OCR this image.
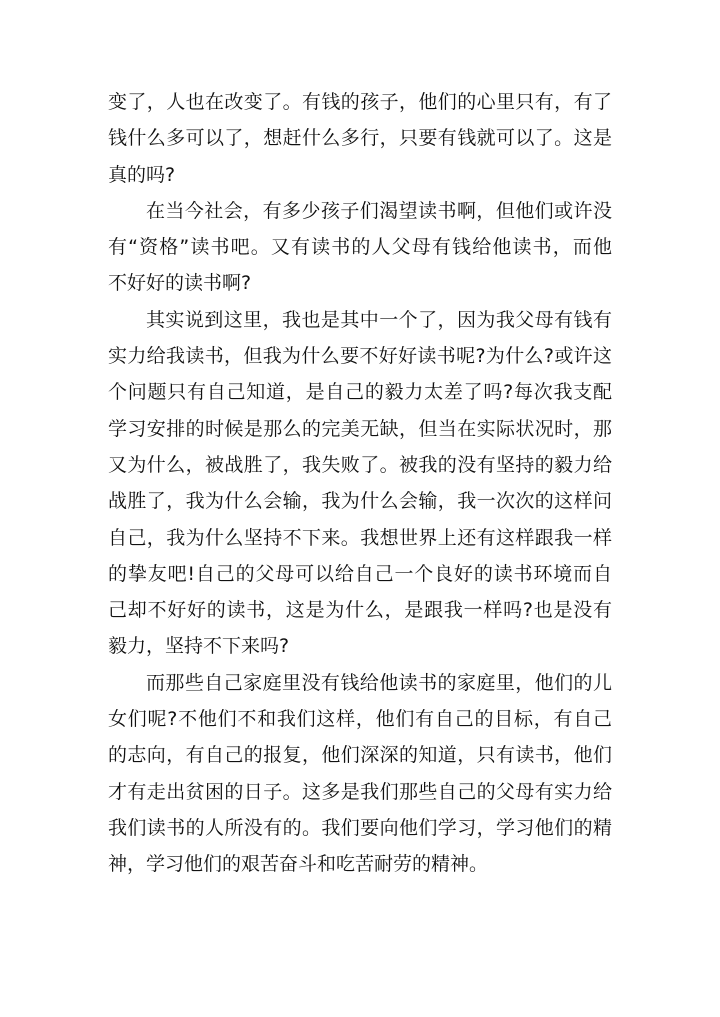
变了，人也在改变了。有钱的孩子，他们的心里只有，有了
钱什么多可以了，想赶什么多行，只要有钱就可以了。这是
真的吗?
在当今社会，有多少孩子们渴望读书啊，但他们或许没
有“资格”读书吧。又有读书的人父母有钱给他读书，而他
不好好的读书啊?
其实说到这里，我也是其中一个了，因为我父母有钱有
实力给我读书，但我为什么要不好好读书呢?为什么?或许这
个问题只有自己知道，是自己的毅力太差了吗?每次我支配
学习安排的时候是那么的完美无缺，但当在实际状况时，那
又为什么，被战胜了，我失败了。被我的没有坚持的毅力给
战胜了，我为什么会输，我为什么会输，我一次次的这样问
自己，我为什么坚持不下来。我想世界上还有这样跟我一样
的挚友吧!自己的父母可以给自己一个良好的读书环境而自
己却不好好的读书，这是为什么，是跟我一样吗?也是没有
毅力，坚持不下来吗?
而那些自己家庭里没有钱给他读书的家庭里，他们的儿
女们呢?不他们不和我们这样，他们有自己的目标，有自己
的志向，有自己的报复，他们深深的知道，只有读书，他们
才有走出贫困的日子。这多是我们那些自己的父母有实力给
我们读书的人所没有的。我们要向他们学习，学习他们的精
神，学习他们的艰苦奋斗和吃苦耐劳的精神。
